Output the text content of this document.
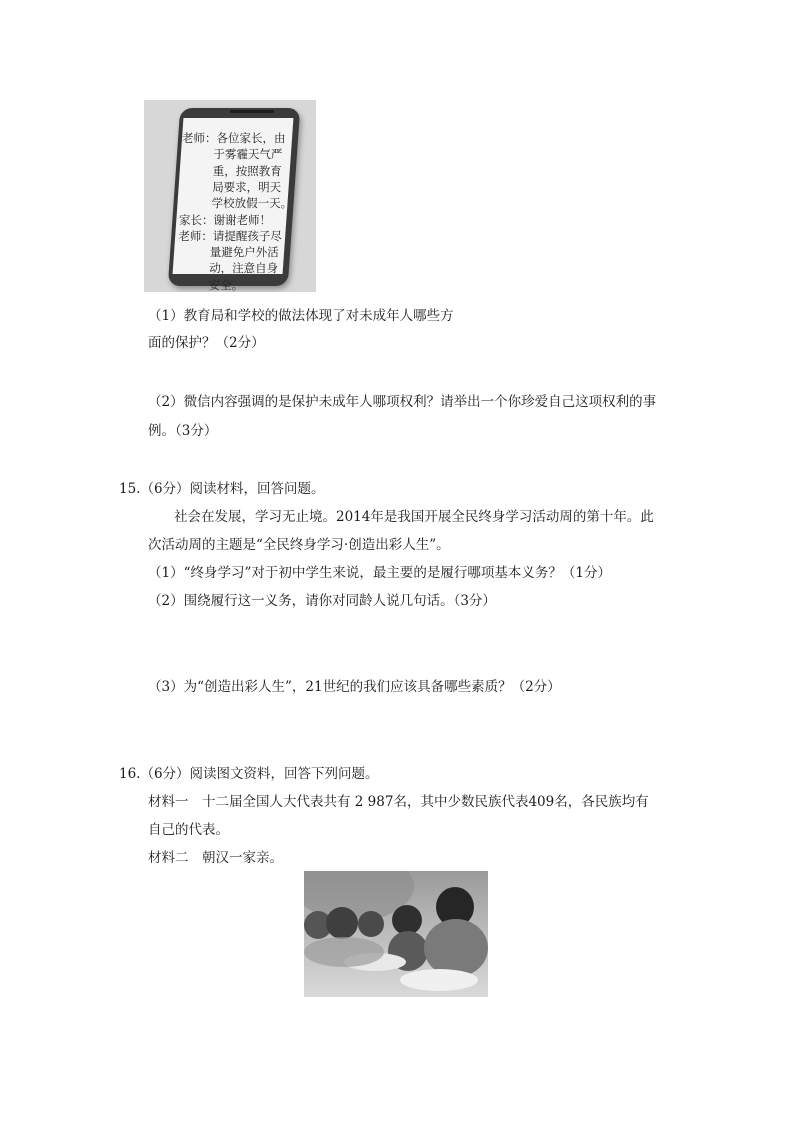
老师：各位家长，由
于雾霾天气严
重，按照教育
局要求，明天
学校放假一天。
家长：谢谢老师！
老师：请提醒孩子尽
量避免户外活
动，注意自身
安全。
（1）教育局和学校的做法体现了对未成年人哪些方
面的保护？（2分）
（2）微信内容强调的是保护未成年人哪项权利？请举出一个你珍爱自己这项权利的事
例。（3分）
15.（6分）阅读材料，回答问题。
社会在发展，学习无止境。2014年是我国开展全民终身学习活动周的第十年。此
次活动周的主题是“全民终身学习·创造出彩人生”。
（1）“终身学习”对于初中学生来说，最主要的是履行哪项基本义务？（1分）
（2）围绕履行这一义务，请你对同龄人说几句话。（3分）
（3）为“创造出彩人生”，21世纪的我们应该具备哪些素质？（2分）
16.（6分）阅读图文资料，回答下列问题。
材料一　十二届全国人大代表共有 2 987名，其中少数民族代表409名，各民族均有
自己的代表。
材料二　朝汉一家亲。
